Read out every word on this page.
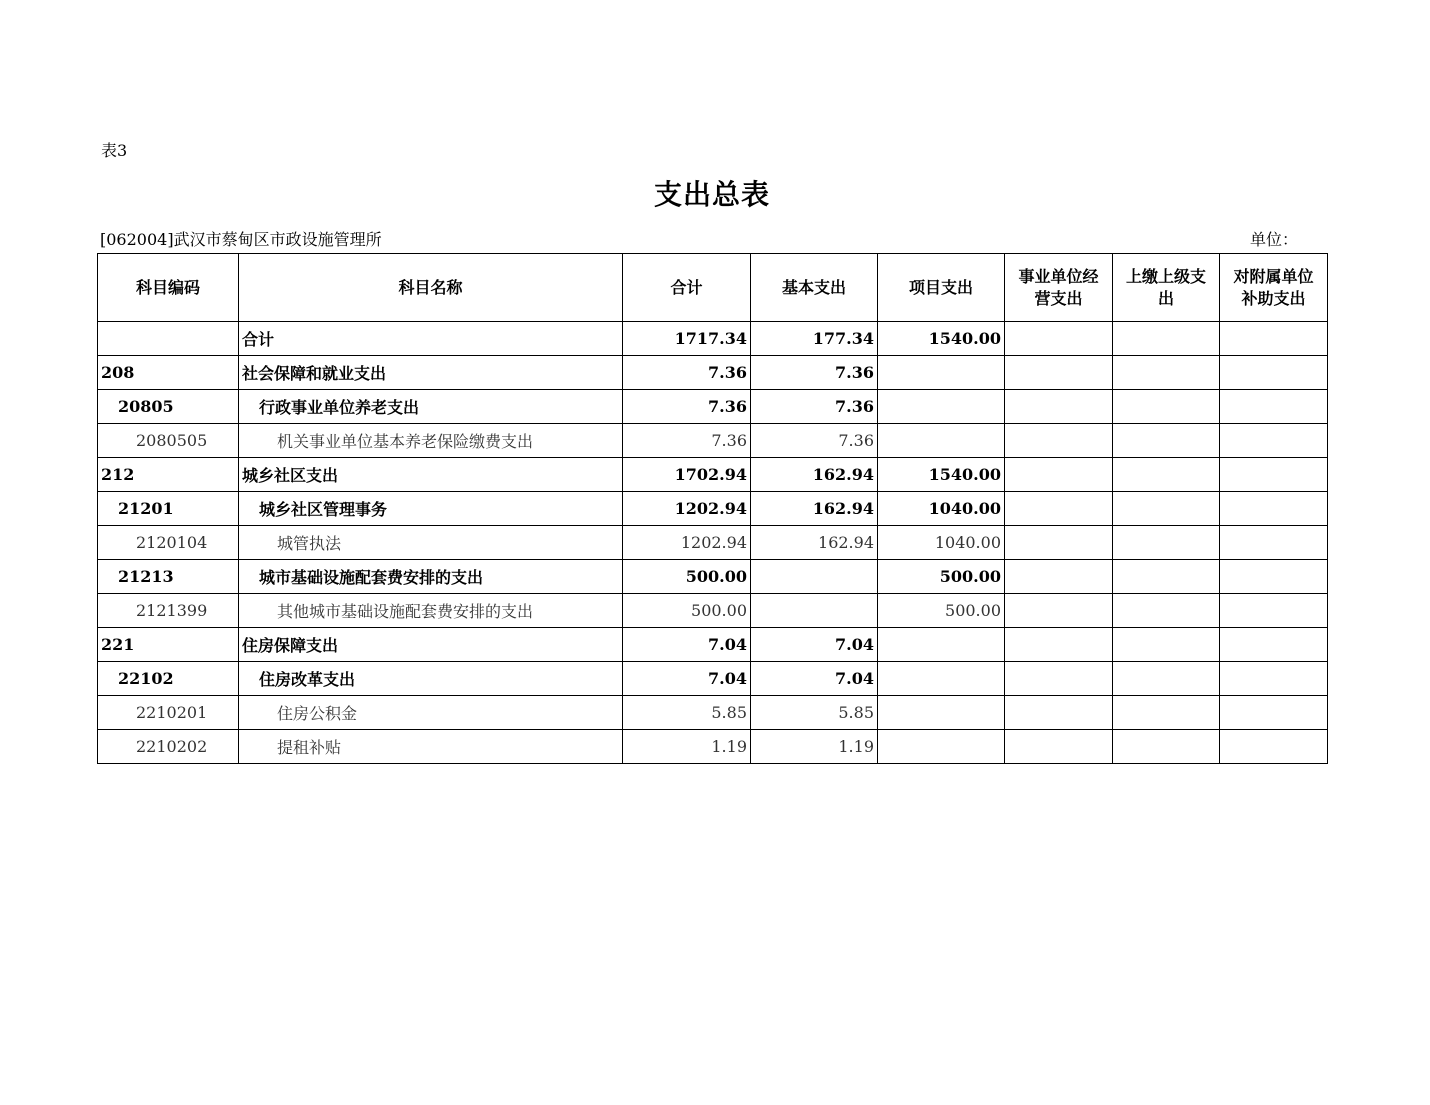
表3
支出总表
[062004]武汉市蔡甸区市政设施管理所	单位：
科目编码	科目名称	合计	基本支出	项目支出	事业单位经营支出	上缴上级支出	对附属单位补助支出
	合计	1717.34	177.34	1540.00			
208	社会保障和就业支出	7.36	7.36				
20805	行政事业单位养老支出	7.36	7.36				
2080505	机关事业单位基本养老保险缴费支出	7.36	7.36				
212	城乡社区支出	1702.94	162.94	1540.00			
21201	城乡社区管理事务	1202.94	162.94	1040.00			
2120104	城管执法	1202.94	162.94	1040.00			
21213	城市基础设施配套费安排的支出	500.00		500.00			
2121399	其他城市基础设施配套费安排的支出	500.00		500.00			
221	住房保障支出	7.04	7.04				
22102	住房改革支出	7.04	7.04				
2210201	住房公积金	5.85	5.85				
2210202	提租补贴	1.19	1.19				
